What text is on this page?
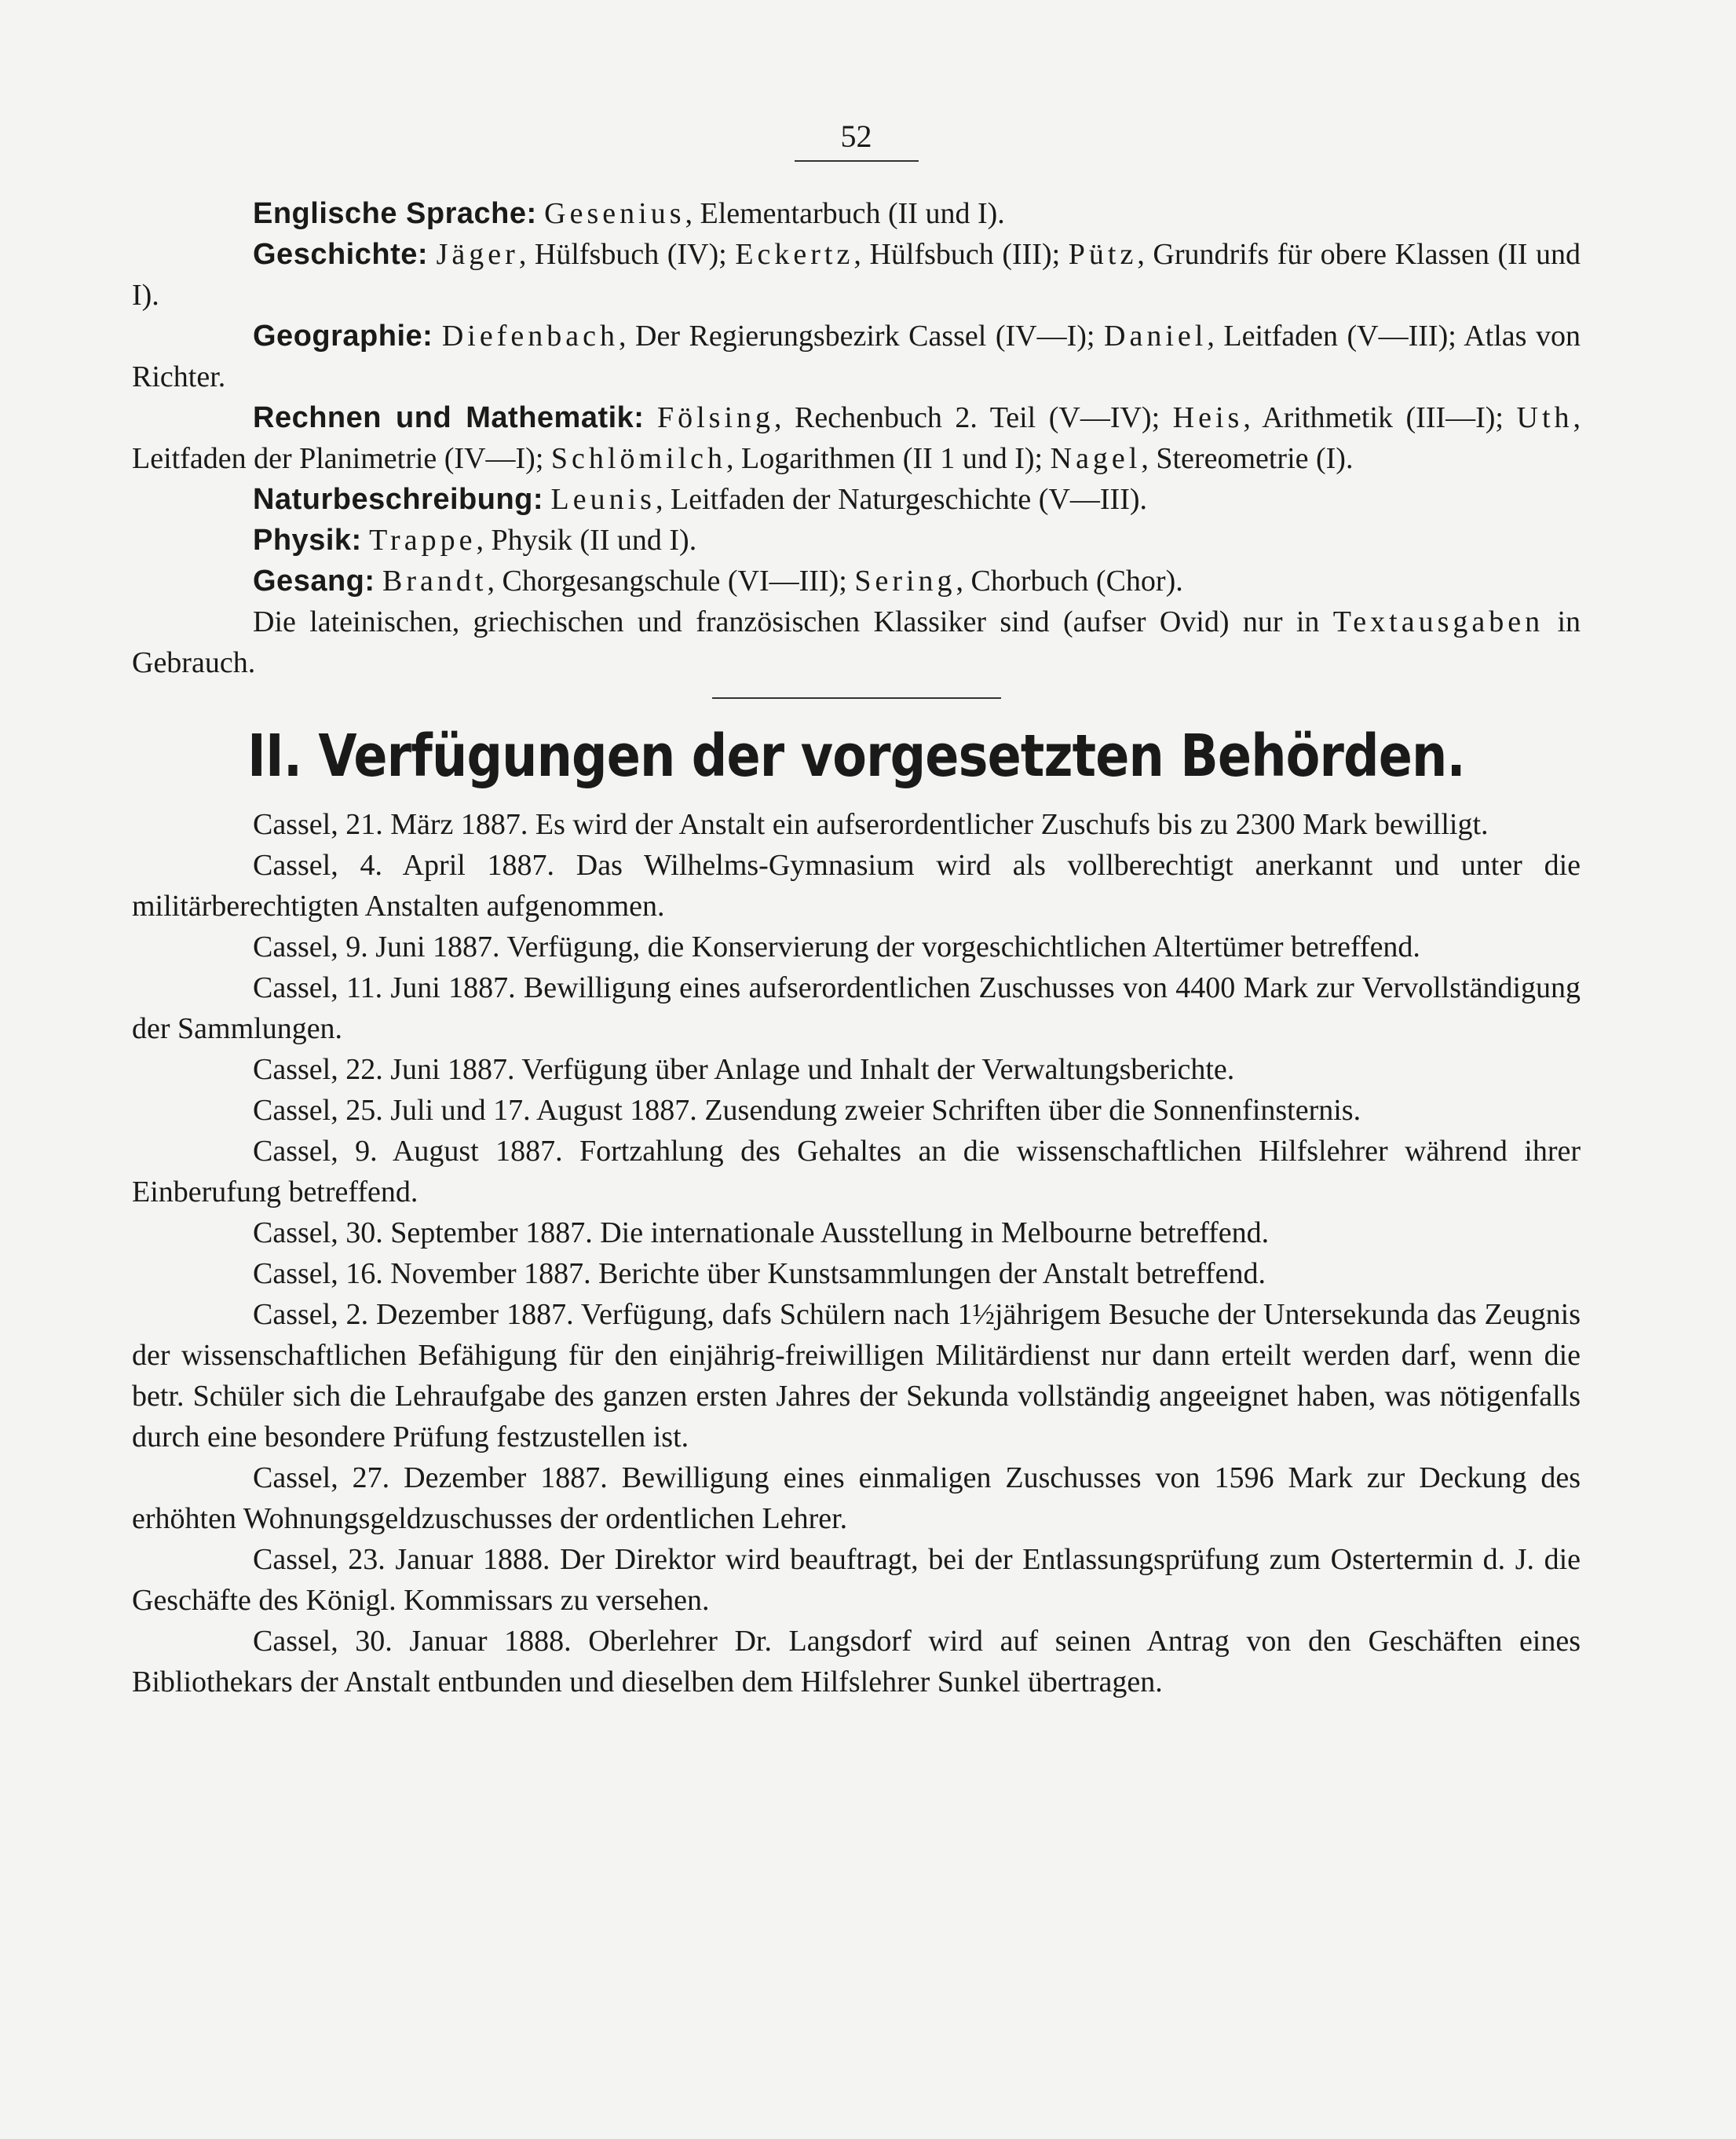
52

Englische Sprache: Gesenius, Elementarbuch (II und I).

Geschichte: Jäger, Hülfsbuch (IV); Eckertz, Hülfsbuch (III); Pütz, Grundrifs für obere Klassen (II und I).

Geographie: Diefenbach, Der Regierungsbezirk Cassel (IV—I); Daniel, Leitfaden (V—III); Atlas von Richter.

Rechnen und Mathematik: Fölsing, Rechenbuch 2. Teil (V—IV); Heis, Arithmetik (III—I); Uth, Leitfaden der Planimetrie (IV—I); Schlömilch, Logarithmen (II 1 und I); Nagel, Stereometrie (I).

Naturbeschreibung: Leunis, Leitfaden der Naturgeschichte (V—III).

Physik: Trappe, Physik (II und I).

Gesang: Brandt, Chorgesangschule (VI—III); Sering, Chorbuch (Chor).

Die lateinischen, griechischen und französischen Klassiker sind (aufser Ovid) nur in Textausgaben in Gebrauch.

II. Verfügungen der vorgesetzten Behörden.

Cassel, 21. März 1887. Es wird der Anstalt ein aufserordentlicher Zuschufs bis zu 2300 Mark bewilligt.

Cassel, 4. April 1887. Das Wilhelms-Gymnasium wird als vollberechtigt anerkannt und unter die militärberechtigten Anstalten aufgenommen.

Cassel, 9. Juni 1887. Verfügung, die Konservierung der vorgeschichtlichen Altertümer betreffend.

Cassel, 11. Juni 1887. Bewilligung eines aufserordentlichen Zuschusses von 4400 Mark zur Vervollständigung der Sammlungen.

Cassel, 22. Juni 1887. Verfügung über Anlage und Inhalt der Verwaltungsberichte.

Cassel, 25. Juli und 17. August 1887. Zusendung zweier Schriften über die Sonnenfinsternis.

Cassel, 9. August 1887. Fortzahlung des Gehaltes an die wissenschaftlichen Hilfslehrer während ihrer Einberufung betreffend.

Cassel, 30. September 1887. Die internationale Ausstellung in Melbourne betreffend.

Cassel, 16. November 1887. Berichte über Kunstsammlungen der Anstalt betreffend.

Cassel, 2. Dezember 1887. Verfügung, dafs Schülern nach 1½jährigem Besuche der Untersekunda das Zeugnis der wissenschaftlichen Befähigung für den einjährig-freiwilligen Militärdienst nur dann erteilt werden darf, wenn die betr. Schüler sich die Lehraufgabe des ganzen ersten Jahres der Sekunda vollständig angeeignet haben, was nötigenfalls durch eine besondere Prüfung festzustellen ist.

Cassel, 27. Dezember 1887. Bewilligung eines einmaligen Zuschusses von 1596 Mark zur Deckung des erhöhten Wohnungsgeldzuschusses der ordentlichen Lehrer.

Cassel, 23. Januar 1888. Der Direktor wird beauftragt, bei der Entlassungsprüfung zum Ostertermin d. J. die Geschäfte des Königl. Kommissars zu versehen.

Cassel, 30. Januar 1888. Oberlehrer Dr. Langsdorf wird auf seinen Antrag von den Geschäften eines Bibliothekars der Anstalt entbunden und dieselben dem Hilfslehrer Sunkel übertragen.
